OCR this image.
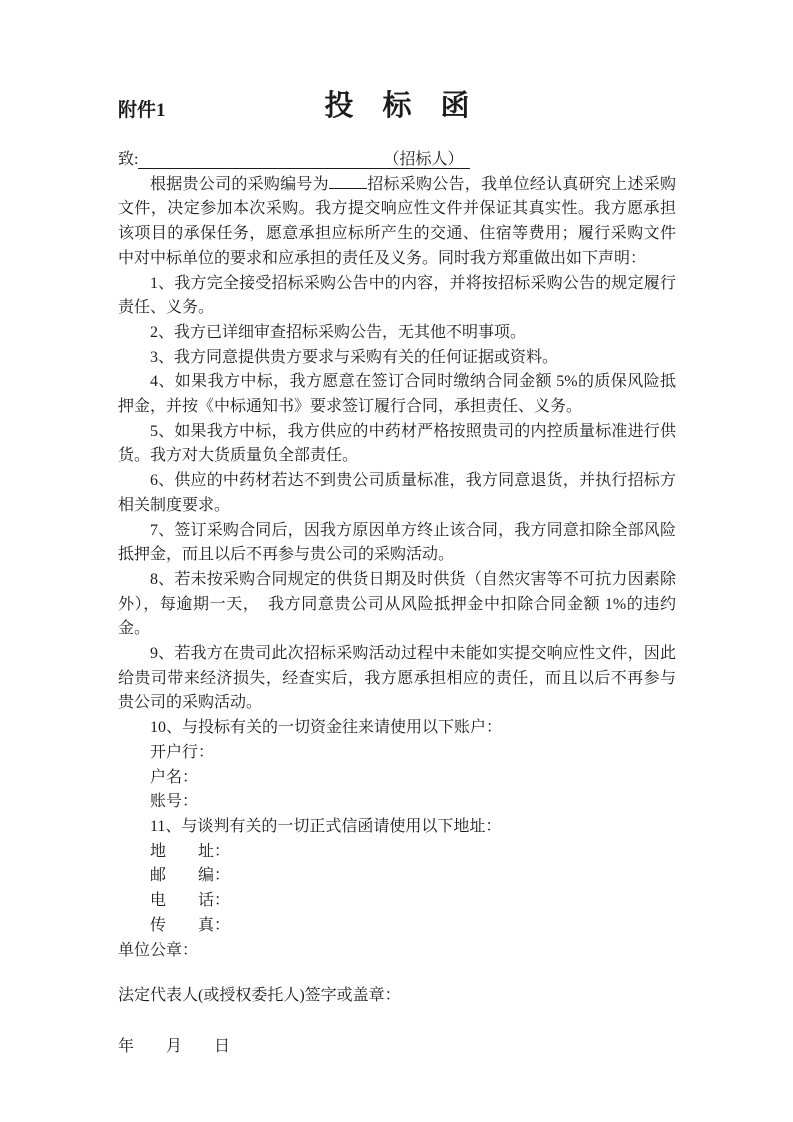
附件1	投　标　函

致:	（招标人）

根据贵公司的采购编号为 招标采购公告，我单位经认真研究上述采购文件，决定参加本次采购。我方提交响应性文件并保证其真实性。我方愿承担该项目的承保任务，愿意承担应标所产生的交通、住宿等费用；履行采购文件中对中标单位的要求和应承担的责任及义务。同时我方郑重做出如下声明：

1、我方完全接受招标采购公告中的内容，并将按招标采购公告的规定履行责任、义务。

2、我方已详细审查招标采购公告，无其他不明事项。

3、我方同意提供贵方要求与采购有关的任何证据或资料。

4、如果我方中标，我方愿意在签订合同时缴纳合同金额 5%的质保风险抵押金，并按《中标通知书》要求签订履行合同，承担责任、义务。

5、如果我方中标，我方供应的中药材严格按照贵司的内控质量标准进行供货。我方对大货质量负全部责任。

6、供应的中药材若达不到贵公司质量标准，我方同意退货，并执行招标方相关制度要求。

7、签订采购合同后，因我方原因单方终止该合同，我方同意扣除全部风险抵押金，而且以后不再参与贵公司的采购活动。

8、若未按采购合同规定的供货日期及时供货（自然灾害等不可抗力因素除外），每逾期一天，　我方同意贵公司从风险抵押金中扣除合同金额 1%的违约金。

9、若我方在贵司此次招标采购活动过程中未能如实提交响应性文件，因此给贵司带来经济损失，经查实后，我方愿承担相应的责任，而且以后不再参与贵公司的采购活动。

10、与投标有关的一切资金往来请使用以下账户：

开户行：

户名：

账号：

11、与谈判有关的一切正式信函请使用以下地址：

地　　址：

邮　　编：

电　　话：

传　　真：

单位公章：

法定代表人(或授权委托人)签字或盖章：

年　　月　　日
